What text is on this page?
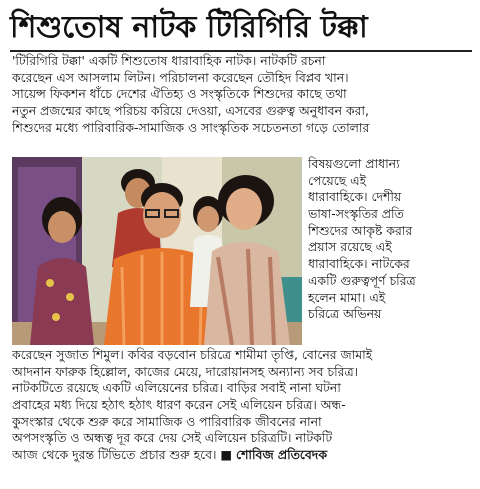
শিশুতোষ নাটক টিরিগিরি টক্কা
'টিরিগিরি টক্কা' একটি শিশুতোষ ধারাবাহিক নাটক। নাটকটি রচনা
করেছেন এস আসলাম লিটন। পরিচালনা করেছেন তৌহিদ বিপ্লব খান।
সায়েন্স ফিকশন ধাঁচে দেশের ঐতিহ্য ও সংস্কৃতিকে শিশুদের কাছে তথা
নতুন প্রজন্মের কাছে পরিচয় করিয়ে দেওয়া, এসবের গুরুত্ব অনুধাবন করা,
শিশুদের মধ্যে পারিবারিক-সামাজিক ও সাংস্কৃতিক সচেতনতা গড়ে তোলার
বিষয়গুলো প্রাধান্য
পেয়েছে এই
ধারাবাহিকে। দেশীয়
ভাষা-সংস্কৃতির প্রতি
শিশুদের আকৃষ্ট করার
প্রয়াস রয়েছে এই
ধারাবাহিকে। নাটকের
একটি গুরুত্বপূর্ণ চরিত্র
হলেন মামা। এই
চরিত্রে অভিনয়
করেছেন সুজাত শিমুল। কবির বড়বোন চরিত্রে শামীমা তৃপ্তি, বোনের জামাই
আদনান ফারুক হিল্লোল, কাজের মেয়ে, দারোয়ানসহ অন্যান্য সব চরিত্র।
নাটকটিতে রয়েছে একটি এলিয়েনের চরিত্র। বাড়ির সবাই নানা ঘটনা
প্রবাহের মধ্য দিয়ে হঠাৎ হঠাৎ ধারণ করেন সেই এলিয়েন চরিত্র। অন্ধ-
কুসংস্কার থেকে শুরু করে সামাজিক ও পারিবারিক জীবনের নানা
অপসংস্কৃতি ও অন্ধত্ব দূর করে দেয় সেই এলিয়েন চরিত্রটি। নাটকটি
আজ থেকে দুরন্ত টিভিতে প্রচার শুরু হবে। ■ শোবিজ প্রতিবেদক
